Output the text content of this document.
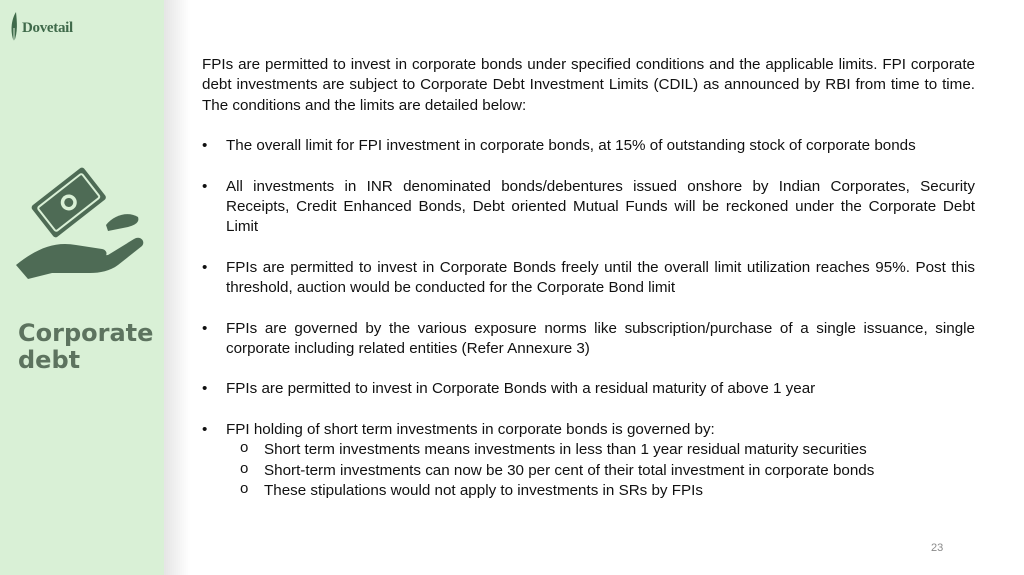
Dovetail
Corporate debt

FPIs are permitted to invest in corporate bonds under specified conditions and the applicable limits. FPI corporate debt investments are subject to Corporate Debt Investment Limits (CDIL) as announced by RBI from time to time. The conditions and the limits are detailed below:

• The overall limit for FPI investment in corporate bonds, at 15% of outstanding stock of corporate bonds
• All investments in INR denominated bonds/debentures issued onshore by Indian Corporates, Security Receipts, Credit Enhanced Bonds, Debt oriented Mutual Funds will be reckoned under the Corporate Debt Limit
• FPIs are permitted to invest in Corporate Bonds freely until the overall limit utilization reaches 95%. Post this threshold, auction would be conducted for the Corporate Bond limit
• FPIs are governed by the various exposure norms like subscription/purchase of a single issuance, single corporate including related entities (Refer Annexure 3)
• FPIs are permitted to invest in Corporate Bonds with a residual maturity of above 1 year
• FPI holding of short term investments in corporate bonds is governed by:
o Short term investments means investments in less than 1 year residual maturity securities
o Short-term investments can now be 30 per cent of their total investment in corporate bonds
o These stipulations would not apply to investments in SRs by FPIs
23
